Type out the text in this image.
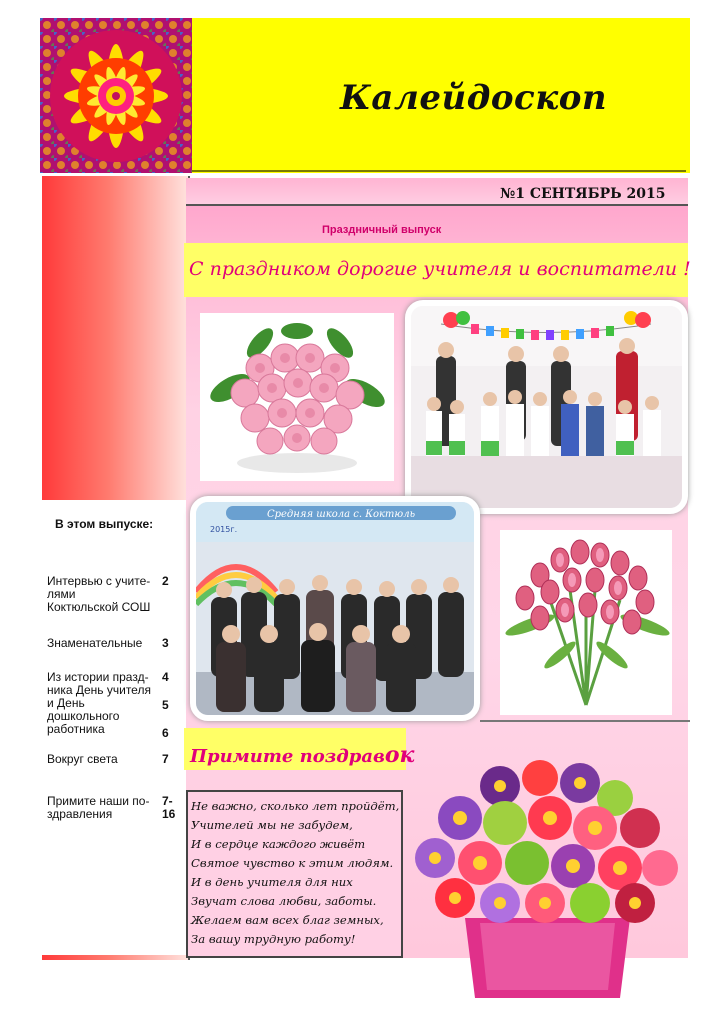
Калейдоскоп
В этом выпуске:
Интервью с учите-
лями
Коктюльской СОШ
2
Знаменательные 3
Из истории празд-
ника День учителя
и День
дошкольного
работника
4
5
6
Вокруг света	7
Примите наши по-
здравления
7-
16
№1 СЕНТЯБРЬ 2015
Праздничный выпуск
С праздником дорогие учителя и воспитатели !
Средняя школа с. Коктюль
2015г.
Примите поздравок
Не важно, сколько лет пройдёт,
Учителей мы не забудем,
И в сердце каждого живёт
Святое чувство к этим людям.
И в день учителя для них
Звучат слова любви, заботы.
Желаем вам всех благ земных,
За вашу трудную работу!
